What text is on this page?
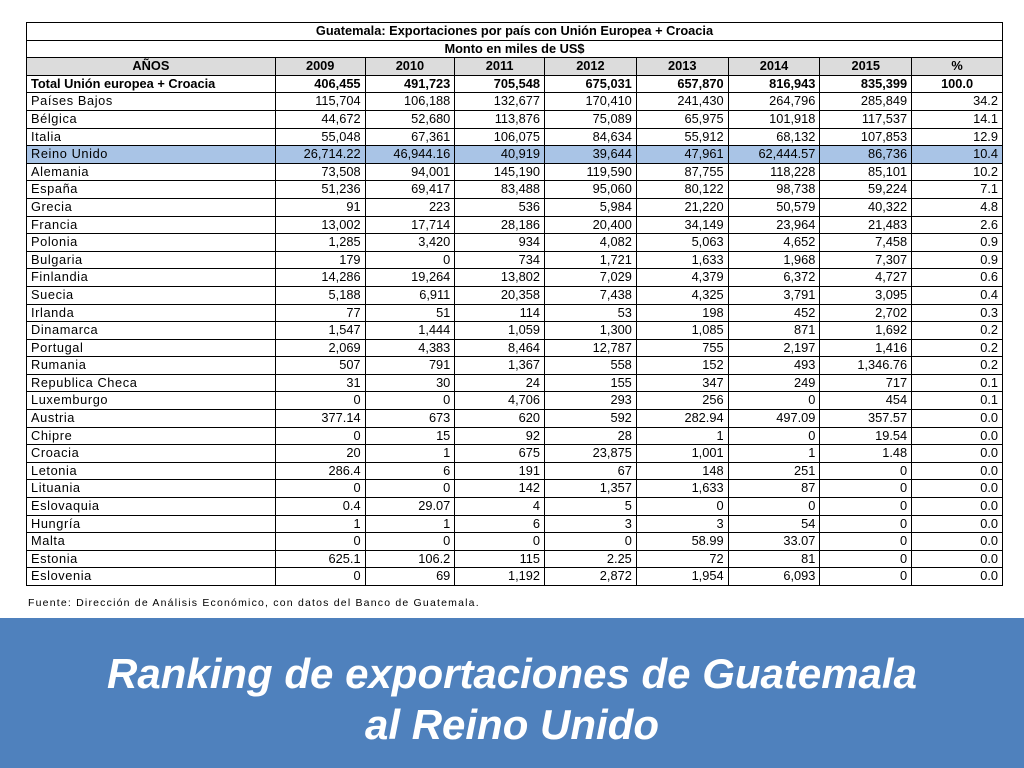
Guatemala: Exportaciones por país con Unión Europea + Croacia								
Monto en miles de US$								
AÑOS	2009	2010	2011	2012	2013	2014	2015	%
Total Unión europea + Croacia	406,455	491,723	705,548	675,031	657,870	816,943	835,399	100.0
Países Bajos	115,704	106,188	132,677	170,410	241,430	264,796	285,849	34.2
Bélgica	44,672	52,680	113,876	75,089	65,975	101,918	117,537	14.1
Italia	55,048	67,361	106,075	84,634	55,912	68,132	107,853	12.9
Reino Unido	26,714.22	46,944.16	40,919	39,644	47,961	62,444.57	86,736	10.4
Alemania	73,508	94,001	145,190	119,590	87,755	118,228	85,101	10.2
España	51,236	69,417	83,488	95,060	80,122	98,738	59,224	7.1
Grecia	91	223	536	5,984	21,220	50,579	40,322	4.8
Francia	13,002	17,714	28,186	20,400	34,149	23,964	21,483	2.6
Polonia	1,285	3,420	934	4,082	5,063	4,652	7,458	0.9
Bulgaria	179	0	734	1,721	1,633	1,968	7,307	0.9
Finlandia	14,286	19,264	13,802	7,029	4,379	6,372	4,727	0.6
Suecia	5,188	6,911	20,358	7,438	4,325	3,791	3,095	0.4
Irlanda	77	51	114	53	198	452	2,702	0.3
Dinamarca	1,547	1,444	1,059	1,300	1,085	871	1,692	0.2
Portugal	2,069	4,383	8,464	12,787	755	2,197	1,416	0.2
Rumania	507	791	1,367	558	152	493	1,346.76	0.2
Republica Checa	31	30	24	155	347	249	717	0.1
Luxemburgo	0	0	4,706	293	256	0	454	0.1
Austria	377.14	673	620	592	282.94	497.09	357.57	0.0
Chipre	0	15	92	28	1	0	19.54	0.0
Croacia	20	1	675	23,875	1,001	1	1.48	0.0
Letonia	286.4	6	191	67	148	251	0	0.0
Lituania	0	0	142	1,357	1,633	87	0	0.0
Eslovaquia	0.4	29.07	4	5	0	0	0	0.0
Hungría	1	1	6	3	3	54	0	0.0
Malta	0	0	0	0	58.99	33.07	0	0.0
Estonia	625.1	106.2	115	2.25	72	81	0	0.0
Eslovenia	0	69	1,192	2,872	1,954	6,093	0	0.0
Fuente: Dirección de Análisis Económico, con datos del Banco de Guatemala.
Ranking de exportaciones de Guatemala
al Reino Unido
